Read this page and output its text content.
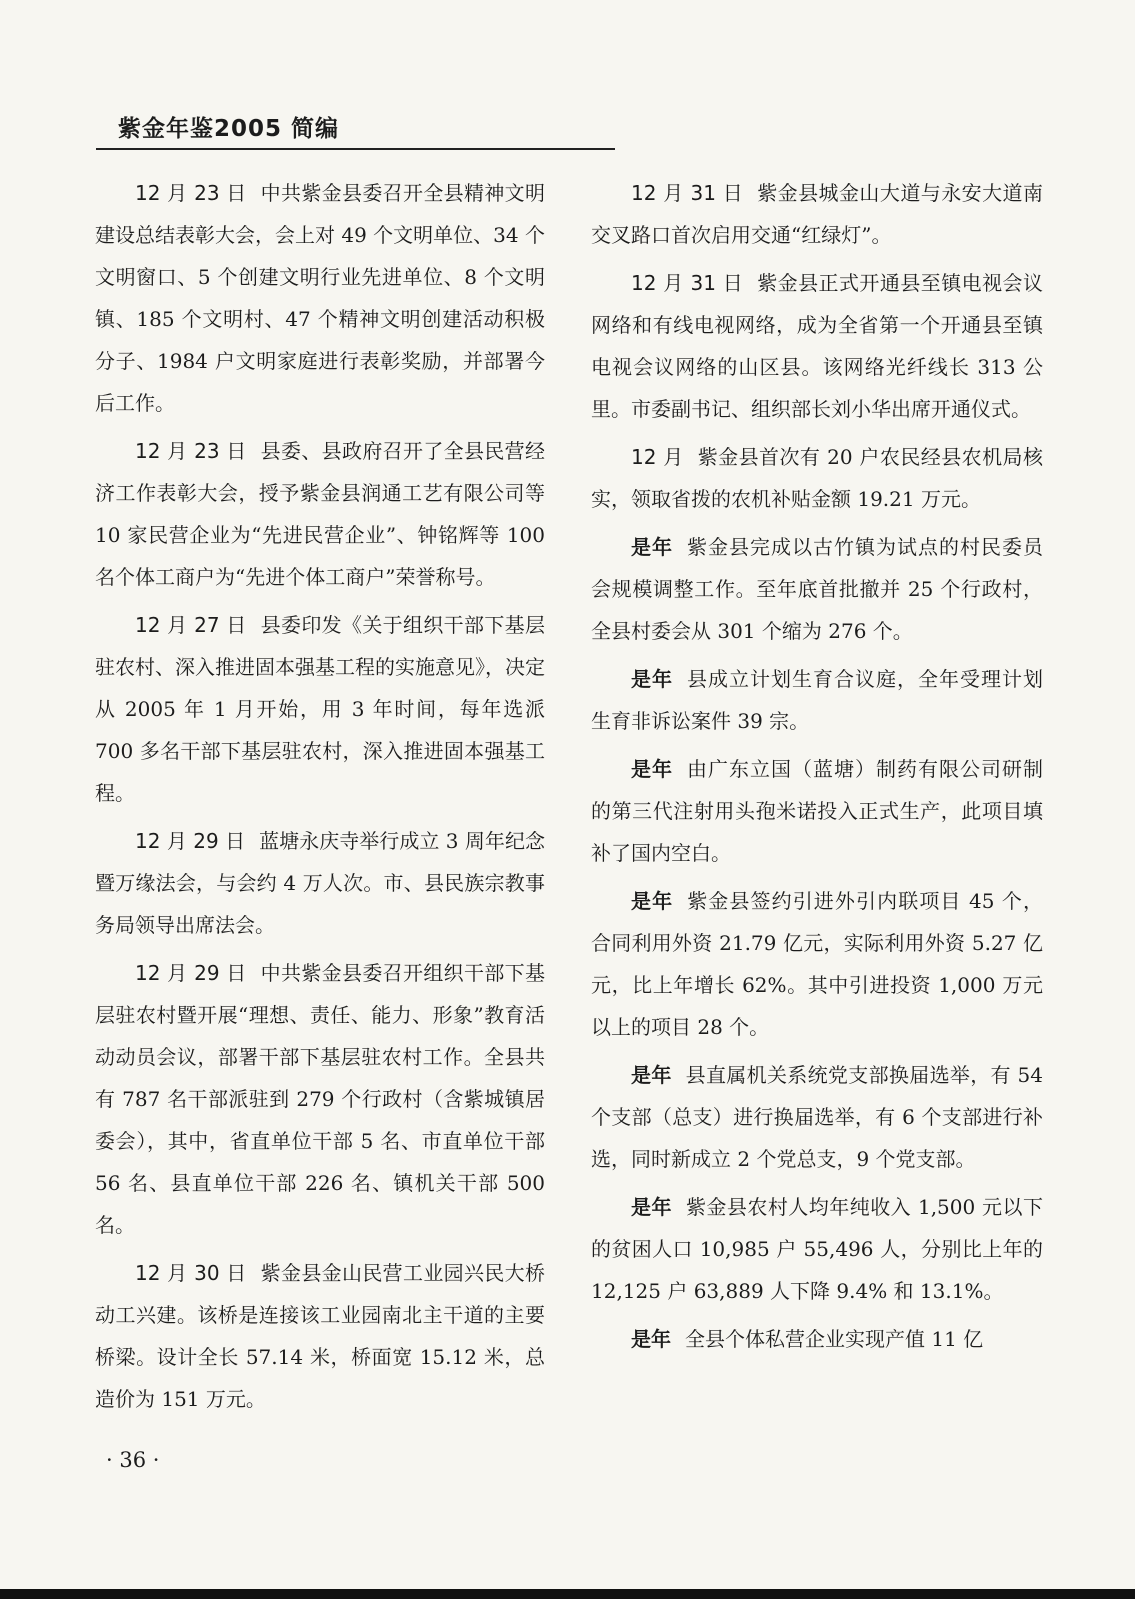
紫金年鉴2005 简编

12 月 23 日 中共紫金县委召开全县精神文明建设总结表彰大会，会上对 49 个文明单位、34 个文明窗口、5 个创建文明行业先进单位、8 个文明镇、185 个文明村、47 个精神文明创建活动积极分子、1984 户文明家庭进行表彰奖励，并部署今后工作。

12 月 23 日 县委、县政府召开了全县民营经济工作表彰大会，授予紫金县润通工艺有限公司等 10 家民营企业为“先进民营企业”、钟铭辉等 100 名个体工商户为“先进个体工商户”荣誉称号。

12 月 27 日 县委印发《关于组织干部下基层驻农村、深入推进固本强基工程的实施意见》，决定从 2005 年 1 月开始，用 3 年时间，每年选派 700 多名干部下基层驻农村，深入推进固本强基工程。

12 月 29 日 蓝塘永庆寺举行成立 3 周年纪念暨万缘法会，与会约 4 万人次。市、县民族宗教事务局领导出席法会。

12 月 29 日 中共紫金县委召开组织干部下基层驻农村暨开展“理想、责任、能力、形象”教育活动动员会议，部署干部下基层驻农村工作。全县共有 787 名干部派驻到 279 个行政村（含紫城镇居委会），其中，省直单位干部 5 名、市直单位干部 56 名、县直单位干部 226 名、镇机关干部 500 名。

12 月 30 日 紫金县金山民营工业园兴民大桥动工兴建。该桥是连接该工业园南北主干道的主要桥梁。设计全长 57.14 米，桥面宽 15.12 米，总造价为 151 万元。

12 月 31 日 紫金县城金山大道与永安大道南交叉路口首次启用交通“红绿灯”。

12 月 31 日 紫金县正式开通县至镇电视会议网络和有线电视网络，成为全省第一个开通县至镇电视会议网络的山区县。该网络光纤线长 313 公里。市委副书记、组织部长刘小华出席开通仪式。

12 月 紫金县首次有 20 户农民经县农机局核实，领取省拨的农机补贴金额 19.21 万元。

是年 紫金县完成以古竹镇为试点的村民委员会规模调整工作。至年底首批撤并 25 个行政村，全县村委会从 301 个缩为 276 个。

是年 县成立计划生育合议庭，全年受理计划生育非诉讼案件 39 宗。

是年 由广东立国（蓝塘）制药有限公司研制的第三代注射用头孢米诺投入正式生产，此项目填补了国内空白。

是年 紫金县签约引进外引内联项目 45 个，合同利用外资 21.79 亿元，实际利用外资 5.27 亿元，比上年增长 62%。其中引进投资 1,000 万元以上的项目 28 个。

是年 县直属机关系统党支部换届选举，有 54 个支部（总支）进行换届选举，有 6 个支部进行补选，同时新成立 2 个党总支，9 个党支部。

是年 紫金县农村人均年纯收入 1,500 元以下的贫困人口 10,985 户 55,496 人，分别比上年的 12,125 户 63,889 人下降 9.4% 和 13.1%。

是年 全县个体私营企业实现产值 11 亿

· 36 ·
